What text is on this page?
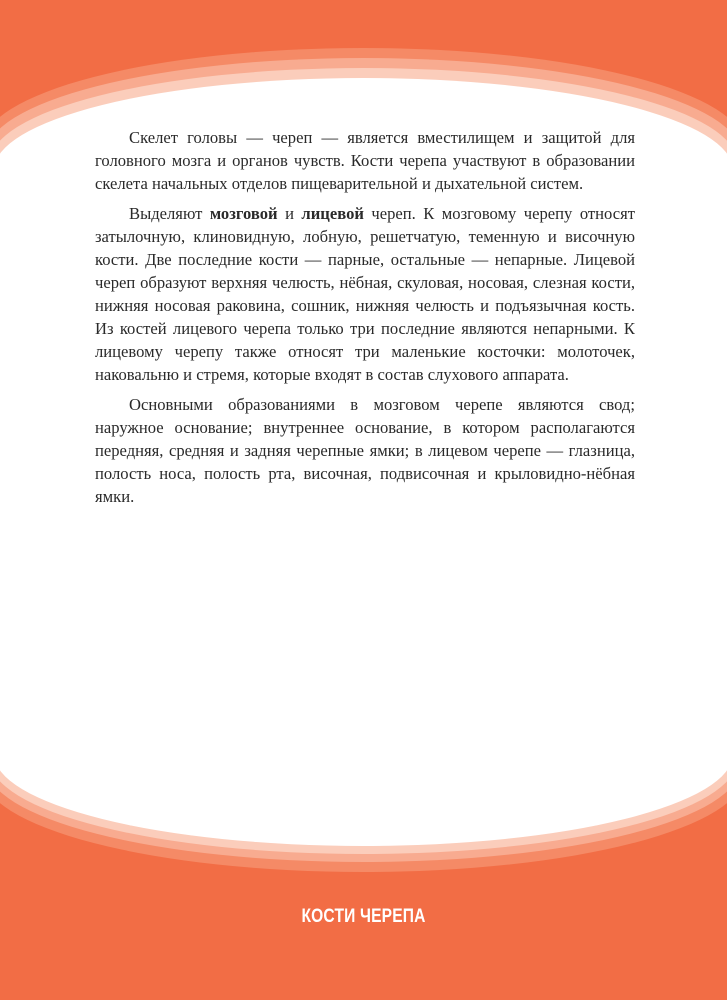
Скелет головы — череп — является вместилищем и защитой для головного мозга и органов чувств. Кости черепа участвуют в образовании скелета начальных отделов пищеварительной и дыхательной систем.

Выделяют мозговой и лицевой череп. К мозговому черепу относят затылочную, клиновидную, лобную, решетчатую, теменную и височную кости. Две последние кости — парные, остальные — непарные. Лицевой череп образуют верхняя челюсть, нёбная, скуловая, носовая, слезная кости, нижняя носовая раковина, сошник, нижняя челюсть и подъязычная кость. Из костей лицевого черепа только три последние являются непарными. К лицевому черепу также относят три маленькие косточки: молоточек, наковальню и стремя, которые входят в состав слухового аппарата.

Основными образованиями в мозговом черепе являются свод; наружное основание; внутреннее основание, в котором располагаются передняя, средняя и задняя черепные ямки; в лицевом черепе — глазница, полость носа, полость рта, височная, подвисочная и крыловидно-нёбная ямки.

КОСТИ ЧЕРЕПА
